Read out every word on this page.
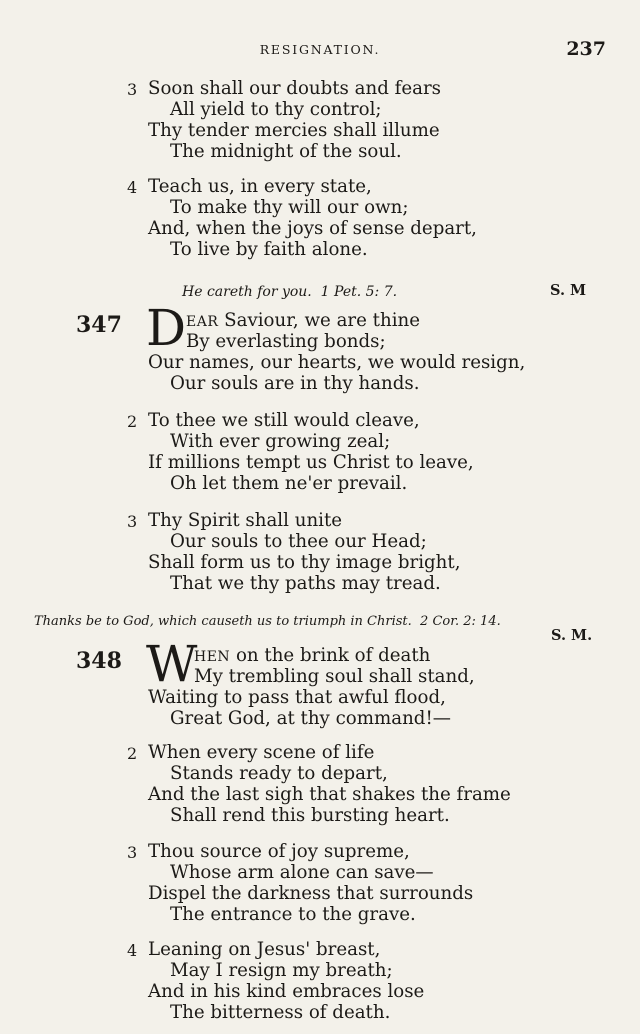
RESIGNATION.	237
3 Soon shall our doubts and fears
All yield to thy control;
Thy tender mercies shall illume
The midnight of the soul.
4 Teach us, in every state,
To make thy will our own;
And, when the joys of sense depart,
To live by faith alone.
He careth for you. 1 Pet. 5: 7.	S. M
347 D EAR Saviour, we are thine
By everlasting bonds;
Our names, our hearts, we would resign,
Our souls are in thy hands.
2 To thee we still would cleave,
With ever growing zeal;
If millions tempt us Christ to leave,
Oh let them ne'er prevail.
3 Thy Spirit shall unite
Our souls to thee our Head;
Shall form us to thy image bright,
That we thy paths may tread.
Thanks be to God, which causeth us to triumph in Christ. 2 Cor. 2: 14.
S. M.
348 W
HEN on the brink of death
My trembling soul shall stand,
Waiting to pass that awful flood,
Great God, at thy command!—
2 When every scene of life
Stands ready to depart,
And the last sigh that shakes the frame
Shall rend this bursting heart.
3 Thou source of joy supreme,
Whose arm alone can save—
Dispel the darkness that surrounds
The entrance to the grave.
4 Leaning on Jesus' breast,
May I resign my breath;
And in his kind embraces lose
The bitterness of death.
